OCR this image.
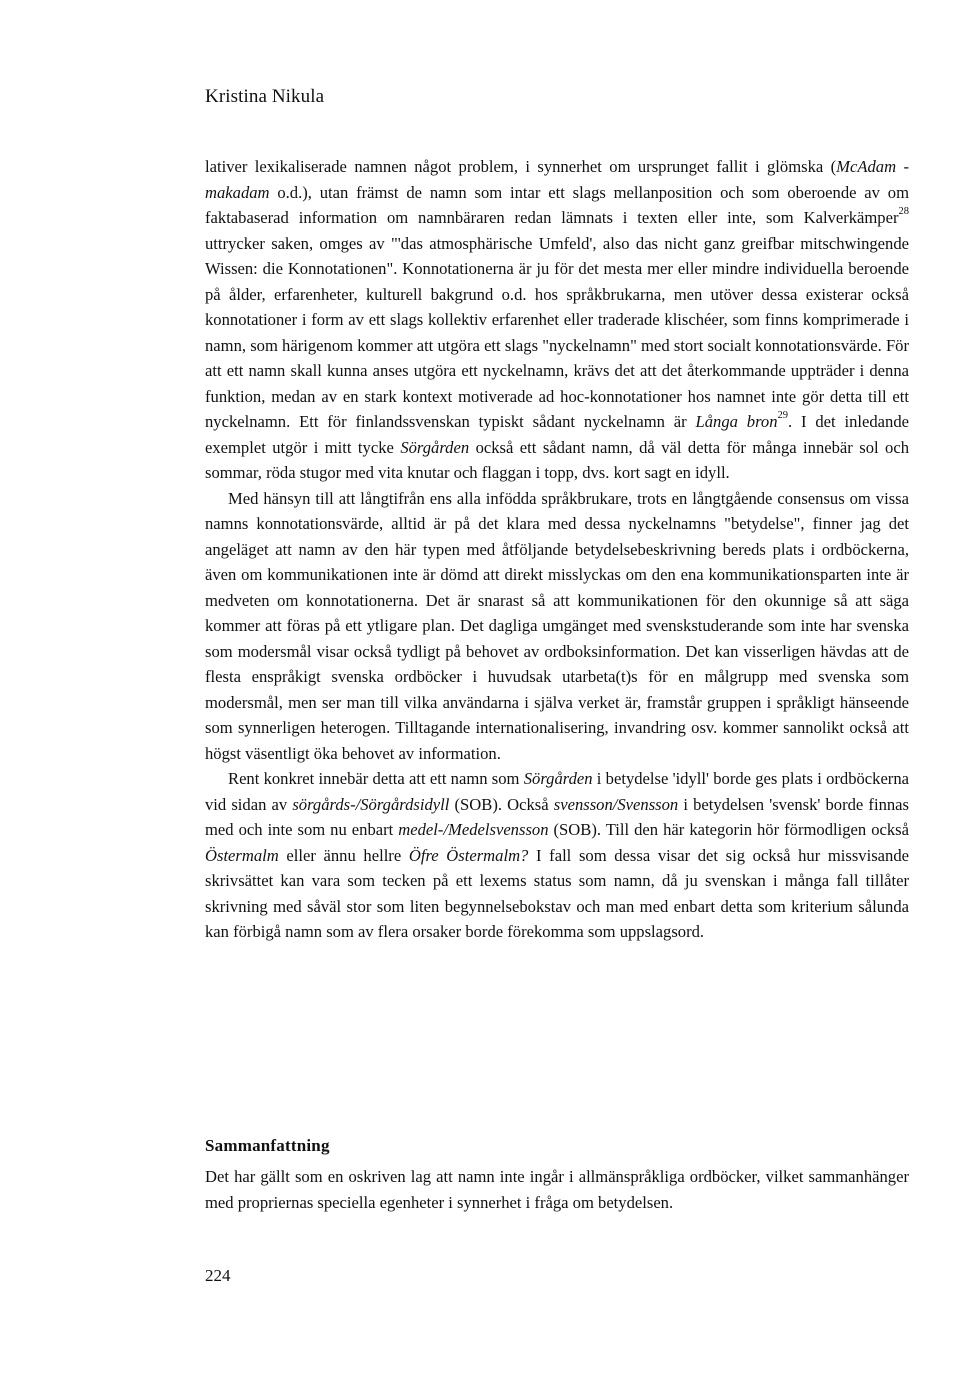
Kristina Nikula

lativer lexikaliserade namnen något problem, i synnerhet om ursprunget fallit i glömska (McAdam - makadam o.d.), utan främst de namn som intar ett slags mellanposition och som oberoende av om faktabaserad information om namnbäraren redan lämnats i texten eller inte, som Kalverkämper$^{28}$ uttrycker saken, omges av "'das atmosphärische Umfeld', also das nicht ganz greifbar mitschwingende Wissen: die Konnotationen". Konnotationerna är ju för det mesta mer eller mindre individuella beroende på ålder, erfarenheter, kulturell bakgrund o.d. hos språkbrukarna, men utöver dessa existerar också konnotationer i form av ett slags kollektiv erfarenhet eller traderade klischéer, som finns komprimerade i namn, som härigenom kommer att utgöra ett slags "nyckelnamn" med stort socialt konnotationsvärde. För att ett namn skall kunna anses utgöra ett nyckelnamn, krävs det att det återkommande uppträder i denna funktion, medan av en stark kontext motiverade ad hoc-konnotationer hos namnet inte gör detta till ett nyckelnamn. Ett för finlandssvenskan typiskt sådant nyckelnamn är Långa bron$^{29}$. I det inledande exemplet utgör i mitt tycke Sörgården också ett sådant namn, då väl detta för många innebär sol och sommar, röda stugor med vita knutar och flaggan i topp, dvs. kort sagt en idyll.

Med hänsyn till att långtifrån ens alla infödda språkbrukare, trots en långtgående consensus om vissa namns konnotationsvärde, alltid är på det klara med dessa nyckelnamns "betydelse", finner jag det angeläget att namn av den här typen med åtföljande betydelsebeskrivning bereds plats i ordböckerna, även om kommunikationen inte är dömd att direkt misslyckas om den ena kommunikationsparten inte är medveten om konnotationerna. Det är snarast så att kommunikationen för den okunnige så att säga kommer att föras på ett ytligare plan. Det dagliga umgänget med svenskstuderande som inte har svenska som modersmål visar också tydligt på behovet av ordboksinformation. Det kan visserligen hävdas att de flesta enspråkigt svenska ordböcker i huvudsak utarbeta(t)s för en målgrupp med svenska som modersmål, men ser man till vilka användarna i själva verket är, framstår gruppen i språkligt hänseende som synnerligen heterogen. Tilltagande internationalisering, invandring osv. kommer sannolikt också att högst väsentligt öka behovet av information.

Rent konkret innebär detta att ett namn som Sörgården i betydelse 'idyll' borde ges plats i ordböckerna vid sidan av sörgårds-/Sörgårdsidyll (SOB). Också svensson/Svensson i betydelsen 'svensk' borde finnas med och inte som nu enbart medel-/Medelsvensson (SOB). Till den här kategorin hör förmodligen också Östermalm eller ännu hellre Öfre Östermalm? I fall som dessa visar det sig också hur missvisande skrivsättet kan vara som tecken på ett lexems status som namn, då ju svenskan i många fall tillåter skrivning med såväl stor som liten begynnelsebokstav och man med enbart detta som kriterium sålunda kan förbigå namn som av flera orsaker borde förekomma som uppslagsord.

Sammanfattning
Det har gällt som en oskriven lag att namn inte ingår i allmänspråkliga ordböcker, vilket sammanhänger med propriernas speciella egenheter i synnerhet i fråga om betydelsen.
224
